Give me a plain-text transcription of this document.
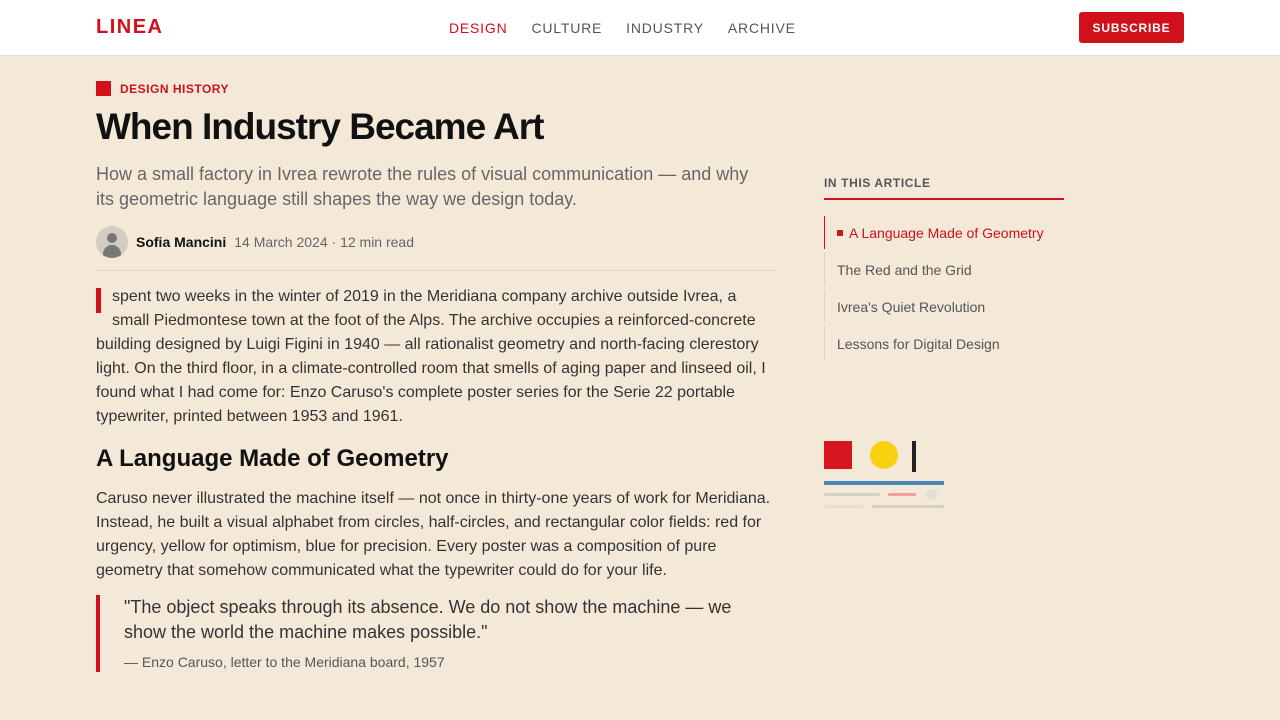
LINEA	DESIGN CULTURE INDUSTRY ARCHIVE	SUBSCRIBE
DESIGN HISTORY
When Industry Became Art

How a small factory in Ivrea rewrote the rules of visual communication — and why its geometric language still shapes the way we design today.

Sofia Mancini 14 March 2024 · 12 min read

spent two weeks in the winter of 2019 in the Meridiana company archive outside Ivrea, a small Piedmontese town at the foot of the Alps. The archive occupies a reinforced-concrete building designed by Luigi Figini in 1940 — all rationalist geometry and north-facing clerestory light. On the third floor, in a climate-controlled room that smells of aging paper and linseed oil, I found what I had come for: Enzo Caruso's complete poster series for the Serie 22 portable typewriter, printed between 1953 and 1961.

A Language Made of Geometry

Caruso never illustrated the machine itself — not once in thirty-one years of work for Meridiana. Instead, he built a visual alphabet from circles, half-circles, and rectangular color fields: red for urgency, yellow for optimism, blue for precision. Every poster was a composition of pure geometry that somehow communicated what the typewriter could do for your life.

"The object speaks through its absence. We do not show the machine — we show the world the machine makes possible."
— Enzo Caruso, letter to the Meridiana board, 1957
IN THIS ARTICLE
A Language Made of Geometry
The Red and the Grid
Ivrea's Quiet Revolution
Lessons for Digital Design
